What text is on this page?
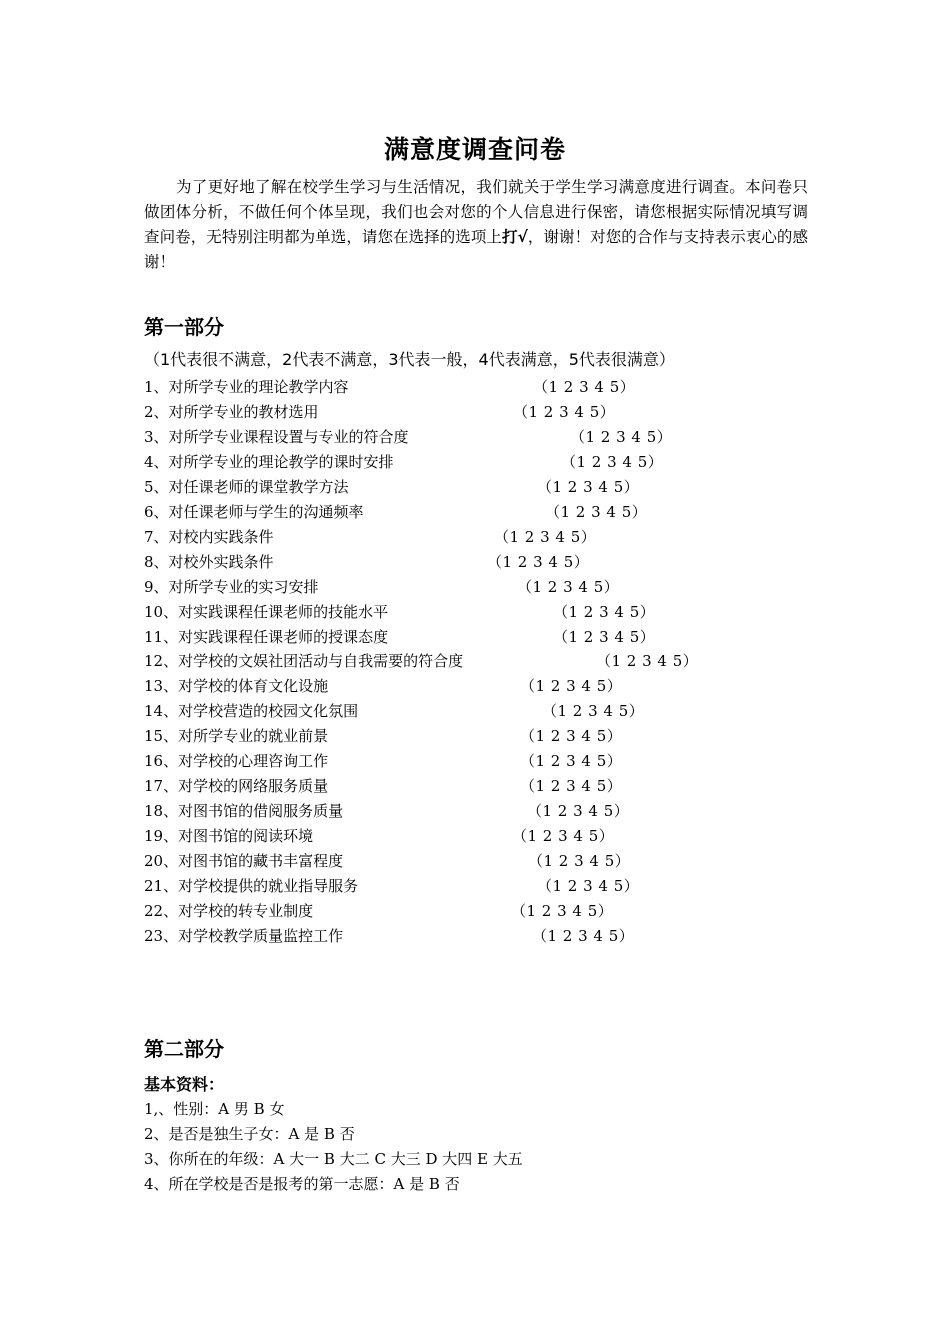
满意度调查问卷
为了更好地了解在校学生学习与生活情况，我们就关于学生学习满意度进行调查。本问卷只做团体分析，不做任何个体呈现，我们也会对您的个人信息进行保密，请您根据实际情况填写调查问卷，无特别注明都为单选，请您在选择的选项上打√，谢谢！对您的合作与支持表示衷心的感谢！
第一部分
（1代表很不满意，2代表不满意，3代表一般，4代表满意，5代表很满意）
1、对所学专业的理论教学内容	（1 2 3 4 5）
2、对所学专业的教材选用	（1 2 3 4 5）
3、对所学专业课程设置与专业的符合度	（1 2 3 4 5）
4、对所学专业的理论教学的课时安排	（1 2 3 4 5）
5、对任课老师的课堂教学方法	（1 2 3 4 5）
6、对任课老师与学生的沟通频率	（1 2 3 4 5）
7、对校内实践条件	（1 2 3 4 5）
8、对校外实践条件	（1 2 3 4 5）
9、对所学专业的实习安排	（1 2 3 4 5）
10、对实践课程任课老师的技能水平	（1 2 3 4 5）
11、对实践课程任课老师的授课态度	（1 2 3 4 5）
12、对学校的文娱社团活动与自我需要的符合度	（1 2 3 4 5）
13、对学校的体育文化设施	（1 2 3 4 5）
14、对学校营造的校园文化氛围	（1 2 3 4 5）
15、对所学专业的就业前景	（1 2 3 4 5）
16、对学校的心理咨询工作	（1 2 3 4 5）
17、对学校的网络服务质量	（1 2 3 4 5）
18、对图书馆的借阅服务质量	（1 2 3 4 5）
19、对图书馆的阅读环境	（1 2 3 4 5）
20、对图书馆的藏书丰富程度	（1 2 3 4 5）
21、对学校提供的就业指导服务	（1 2 3 4 5）
22、对学校的转专业制度	（1 2 3 4 5）
23、对学校教学质量监控工作	（1 2 3 4 5）
第二部分
基本资料：
1,、性别：A 男 B 女
2、是否是独生子女：A 是 B 否
3、你所在的年级：A 大一 B 大二 C 大三 D 大四 E 大五
4、所在学校是否是报考的第一志愿：A 是 B 否
